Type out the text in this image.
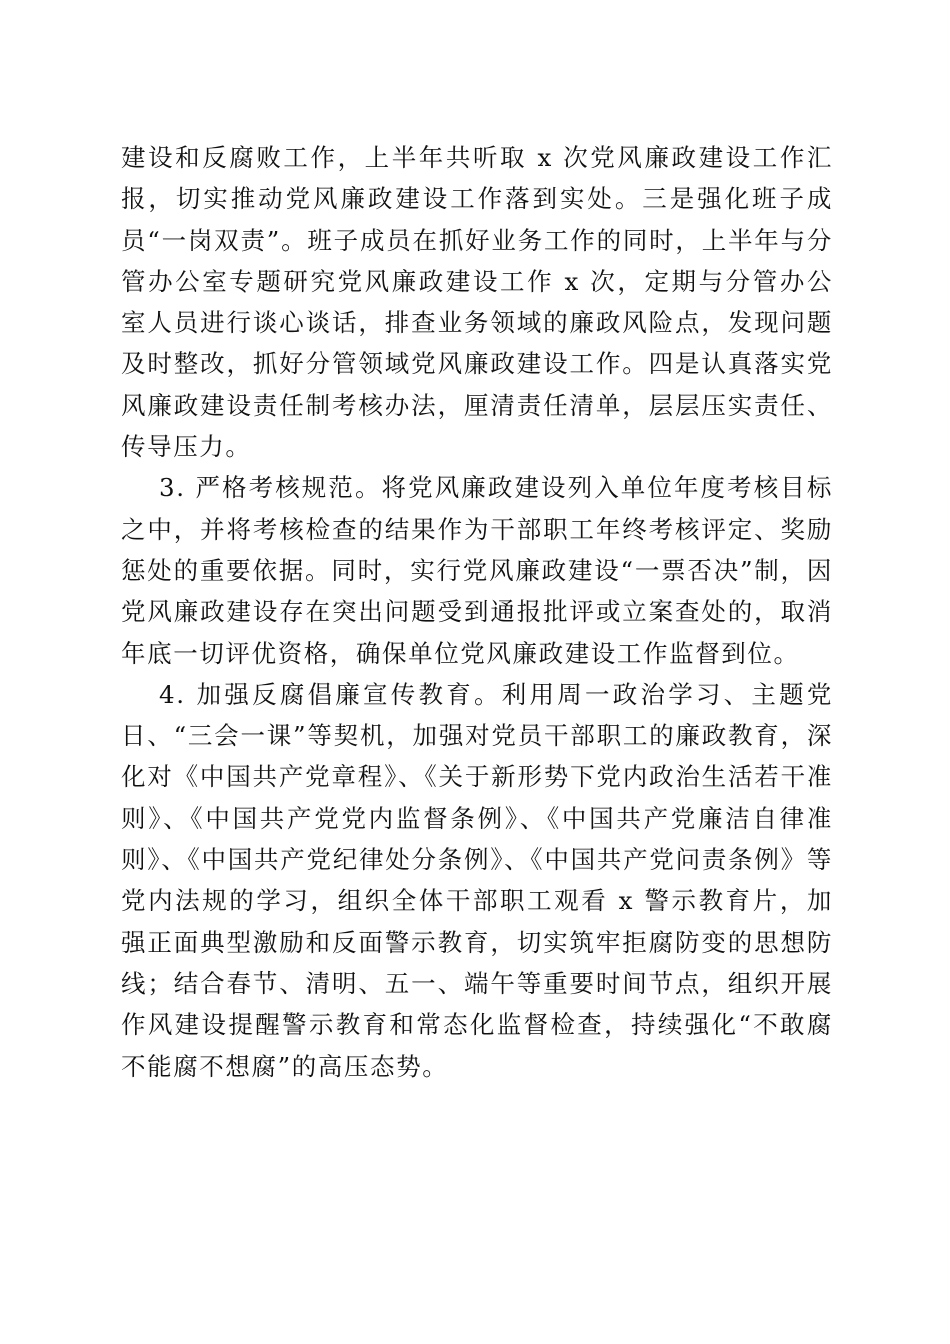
建设和反腐败工作，上半年共听取 x 次党风廉政建设工作汇报，切实推动党风廉政建设工作落到实处。三是强化班子成员“一岗双责”。班子成员在抓好业务工作的同时，上半年与分管办公室专题研究党风廉政建设工作 x 次，定期与分管办公室人员进行谈心谈话，排查业务领域的廉政风险点，发现问题及时整改，抓好分管领域党风廉政建设工作。四是认真落实党风廉政建设责任制考核办法，厘清责任清单，层层压实责任、传导压力。

3. 严格考核规范。将党风廉政建设列入单位年度考核目标之中，并将考核检查的结果作为干部职工年终考核评定、奖励惩处的重要依据。同时，实行党风廉政建设“一票否决”制，因党风廉政建设存在突出问题受到通报批评或立案查处的，取消年底一切评优资格，确保单位党风廉政建设工作监督到位。

4. 加强反腐倡廉宣传教育。利用周一政治学习、主题党日、“三会一课”等契机，加强对党员干部职工的廉政教育，深化对《中国共产党章程》、《关于新形势下党内政治生活若干准则》、《中国共产党党内监督条例》、《中国共产党廉洁自律准则》、《中国共产党纪律处分条例》、《中国共产党问责条例》等党内法规的学习，组织全体干部职工观看 x 警示教育片，加强正面典型激励和反面警示教育，切实筑牢拒腐防变的思想防线；结合春节、清明、五一、端午等重要时间节点，组织开展作风建设提醒警示教育和常态化监督检查，持续强化“不敢腐不能腐不想腐”的高压态势。
